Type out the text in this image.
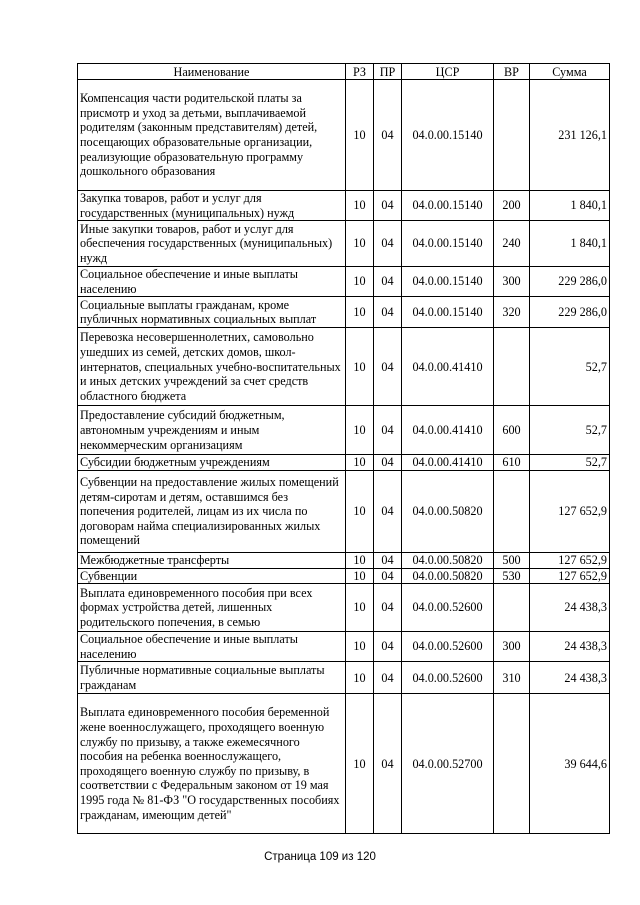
Наименование	РЗ	ПР	ЦСР	ВР	Сумма
Компенсация части родительской платы за присмотр и уход за детьми, выплачиваемой родителям (законным представителям) детей, посещающих образовательные организации, реализующие образовательную программу дошкольного образования	10	04	04.0.00.15140		231 126,1
Закупка товаров, работ и услуг для государственных (муниципальных) нужд	10	04	04.0.00.15140	200	1 840,1
Иные закупки товаров, работ и услуг для обеспечения государственных (муниципальных) нужд	10	04	04.0.00.15140	240	1 840,1
Социальное обеспечение и иные выплаты населению	10	04	04.0.00.15140	300	229 286,0
Социальные выплаты гражданам, кроме публичных нормативных социальных выплат	10	04	04.0.00.15140	320	229 286,0
Перевозка несовершеннолетних, самовольно ушедших из семей, детских домов, школ-интернатов, специальных учебно-воспитательных и иных детских учреждений за счет средств областного бюджета	10	04	04.0.00.41410		52,7
Предоставление субсидий бюджетным, автономным учреждениям и иным некоммерческим организациям	10	04	04.0.00.41410	600	52,7
Субсидии бюджетным учреждениям	10	04	04.0.00.41410	610	52,7
Субвенции на предоставление жилых помещений детям-сиротам и детям, оставшимся без попечения родителей, лицам из их числа по договорам найма специализированных жилых помещений	10	04	04.0.00.50820		127 652,9
Межбюджетные трансферты	10	04	04.0.00.50820	500	127 652,9
Субвенции	10	04	04.0.00.50820	530	127 652,9
Выплата единовременного пособия при всех формах устройства детей, лишенных родительского попечения, в семью	10	04	04.0.00.52600		24 438,3
Социальное обеспечение и иные выплаты населению	10	04	04.0.00.52600	300	24 438,3
Публичные нормативные социальные выплаты гражданам	10	04	04.0.00.52600	310	24 438,3
Выплата единовременного пособия беременной жене военнослужащего, проходящего военную службу по призыву, а также ежемесячного пособия на ребенка военнослужащего, проходящего военную службу по призыву, в соответствии с Федеральным законом от 19 мая 1995 года № 81-ФЗ "О государственных пособиях гражданам, имеющим детей"	10	04	04.0.00.52700		39 644,6
Страница 109 из 120
